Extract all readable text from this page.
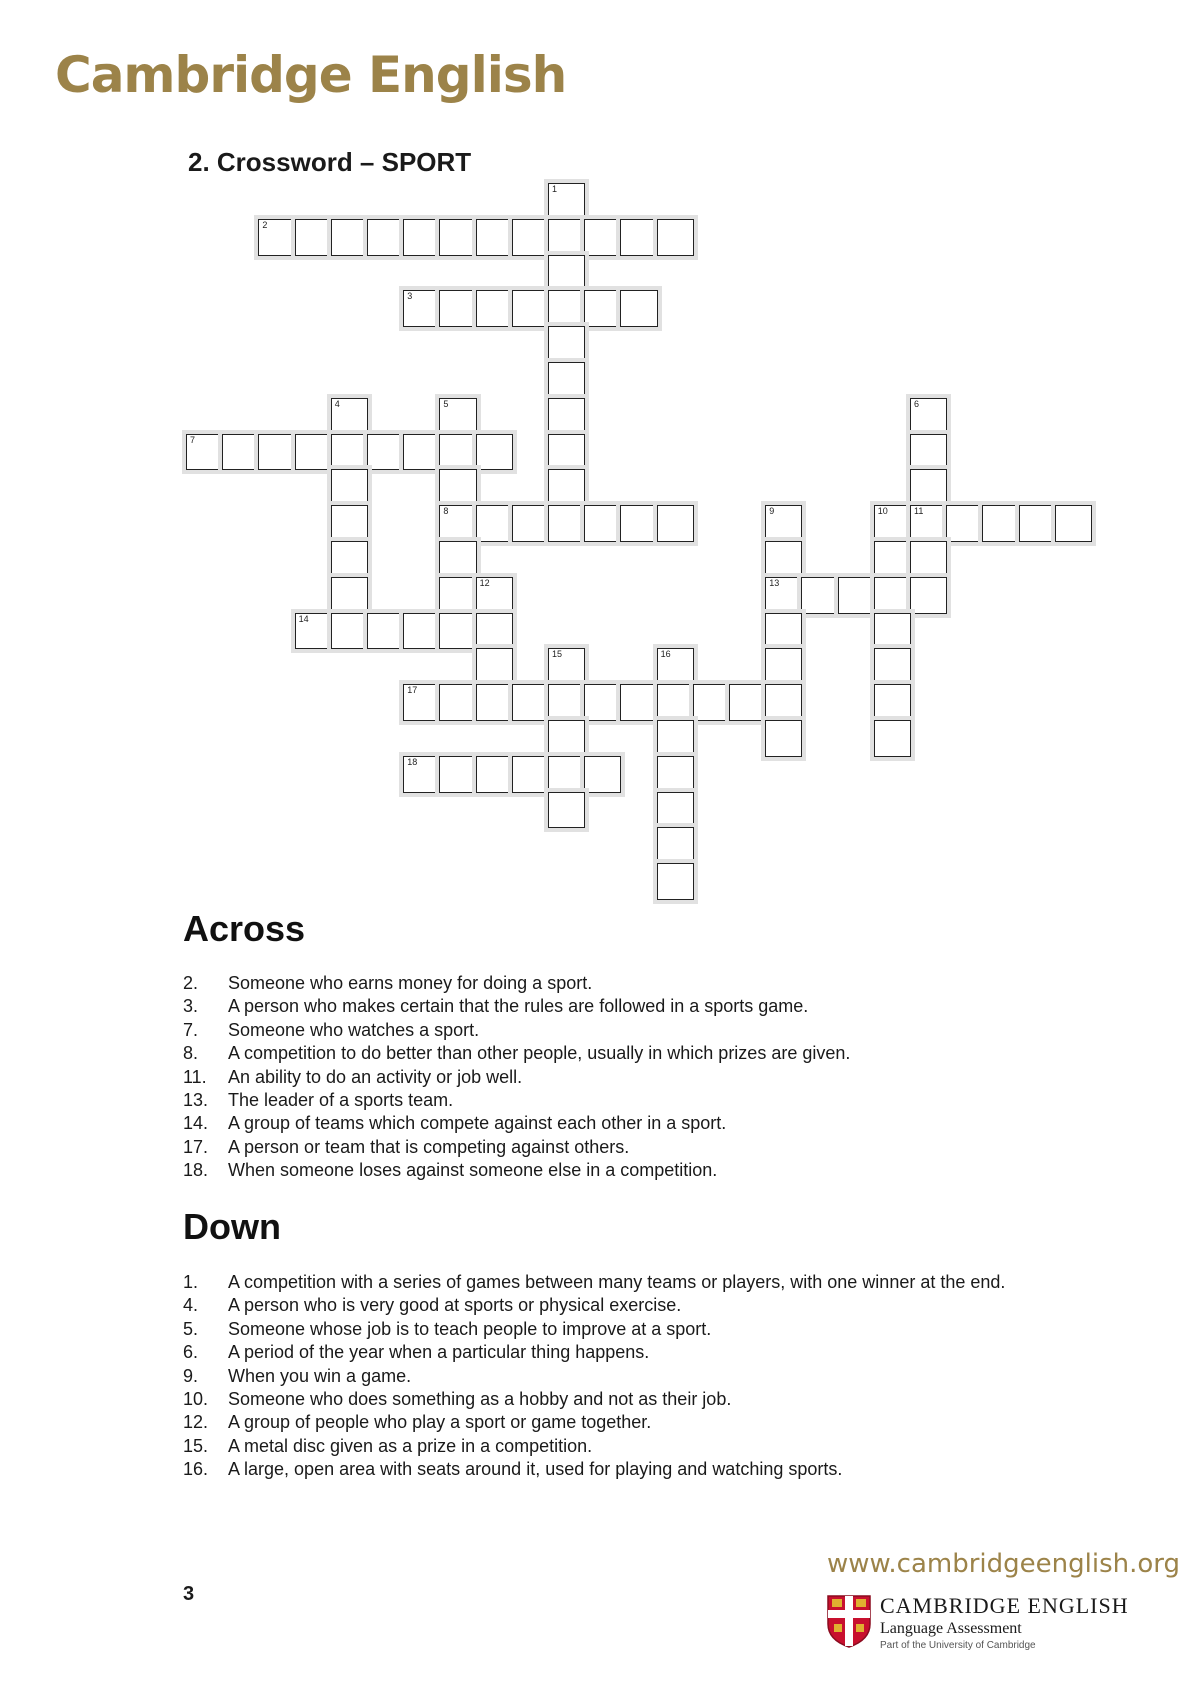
Cambridge English
2. Crossword – SPORT
1
2
3
4	5	6
7
8	9	10	11
12	13
14
15	16
17
18
Across
2.	Someone who earns money for doing a sport.
3.	A person who makes certain that the rules are followed in a sports game.
7.	Someone who watches a sport.
8.	A competition to do better than other people, usually in which prizes are given.
11.	An ability to do an activity or job well.
13.	The leader of a sports team.
14.	A group of teams which compete against each other in a sport.
17.	A person or team that is competing against others.
18.	When someone loses against someone else in a competition.
Down
1.	A competition with a series of games between many teams or players, with one winner at the end.
4.	A person who is very good at sports or physical exercise.
5.	Someone whose job is to teach people to improve at a sport.
6.	A period of the year when a particular thing happens.
9.	When you win a game.
10.	Someone who does something as a hobby and not as their job.
12.	A group of people who play a sport or game together.
15.	A metal disc given as a prize in a competition.
16.	A large, open area with seats around it, used for playing and watching sports.
3
www.cambridgeenglish.org
CAMBRIDGE ENGLISH
Language Assessment
Part of the University of Cambridge
